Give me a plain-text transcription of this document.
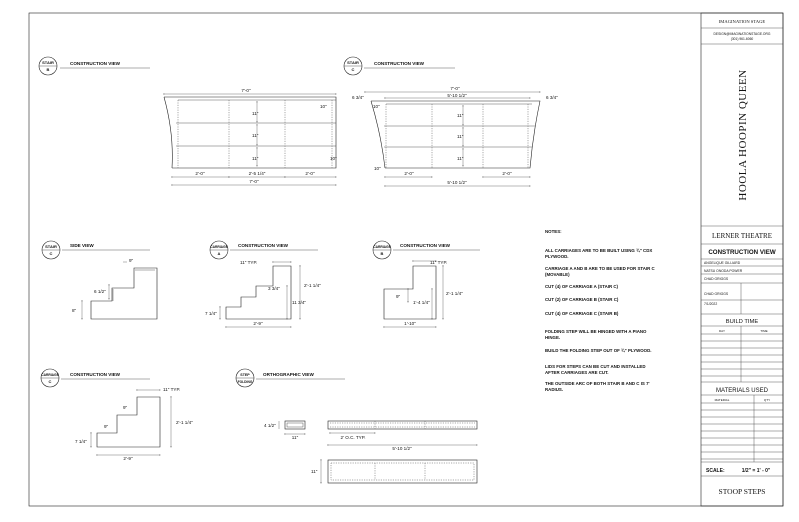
IMAGINATION STAGE
DESIGN@IMAGINATIONSTAGE.ORG
(301) 961-6060
HOOLA HOOPIN QUEEN
LERNER THEATRE
CONSTRUCTION VIEW
ANGELIQUE GILLIARD
NATSU ONODA POWER
CHAD GRIGGS
CHAD GRIGGS
7/1/2022
BUILD TIME
DAY	TIME
MATERIALS USED
MATERIAL	QTY
SCALE:	1/2" = 1' - 0"
STOOP STEPS
STAIR
B
CONSTRUCTION VIEW
7'-0"
10"
11"
11"
11"	10"
2'-0"	2'-5 1/4"	2'-0"
7'-0"
STAIR
C
CONSTRUCTION VIEW
7'-0"
5'-10 1/2"
6 3/4"	6 3/4"
10"
11"
11"
11"
10"
2'-0"	2'-0"
5'-10 1/2"
STAIR
C
SIDE VIEW
9"
6 1/2"
8"
CARRIAGE
A
CONSTRUCTION VIEW
11" TYP.
2'-1 1/4"
3 3/4"
11 3/4"
7 1/4"
2'-9"
CARRIAGE
B
CONSTRUCTION VIEW
11" TYP.
2'-1 1/4"
1'-4 1/4"
9"
1'-10"
CARRIAGE
C
CONSTRUCTION VIEW
11" TYP.
9"
9"
2'-1 1/4"
7 1/4"
2'-9"
STEP
FOLDING
ORTHOGRAPHIC VIEW
4 1/2"
11"	2' O.C. TYP.
5'-10 1/2"
11"
NOTES:
ALL CARRIAGES ARE TO BE BUILT USING ¾" CDX
PLYWOOD.
CARRIAGE A AND B ARE TO BE USED FOR STAIR C
(MOVABLE)
CUT (4) OF CARRIAGE A (STAIR C)
CUT (2) OF CARRIAGE B (STAIR C)
CUT (4) OF CARRIAGE C (STAIR B)
FOLDING STEP WILL BE HINGED WITH A PIANO
HINGE.
BUILD THE FOLDING STEP OUT OF ¾" PLYWOOD.
LIDS FOR STEPS CAN BE CUT AND INSTALLED
AFTER CARRIAGES ARE CUT.
THE OUTSIDE ARC OF BOTH STAIR B AND C IS 7'
RADIUS.
